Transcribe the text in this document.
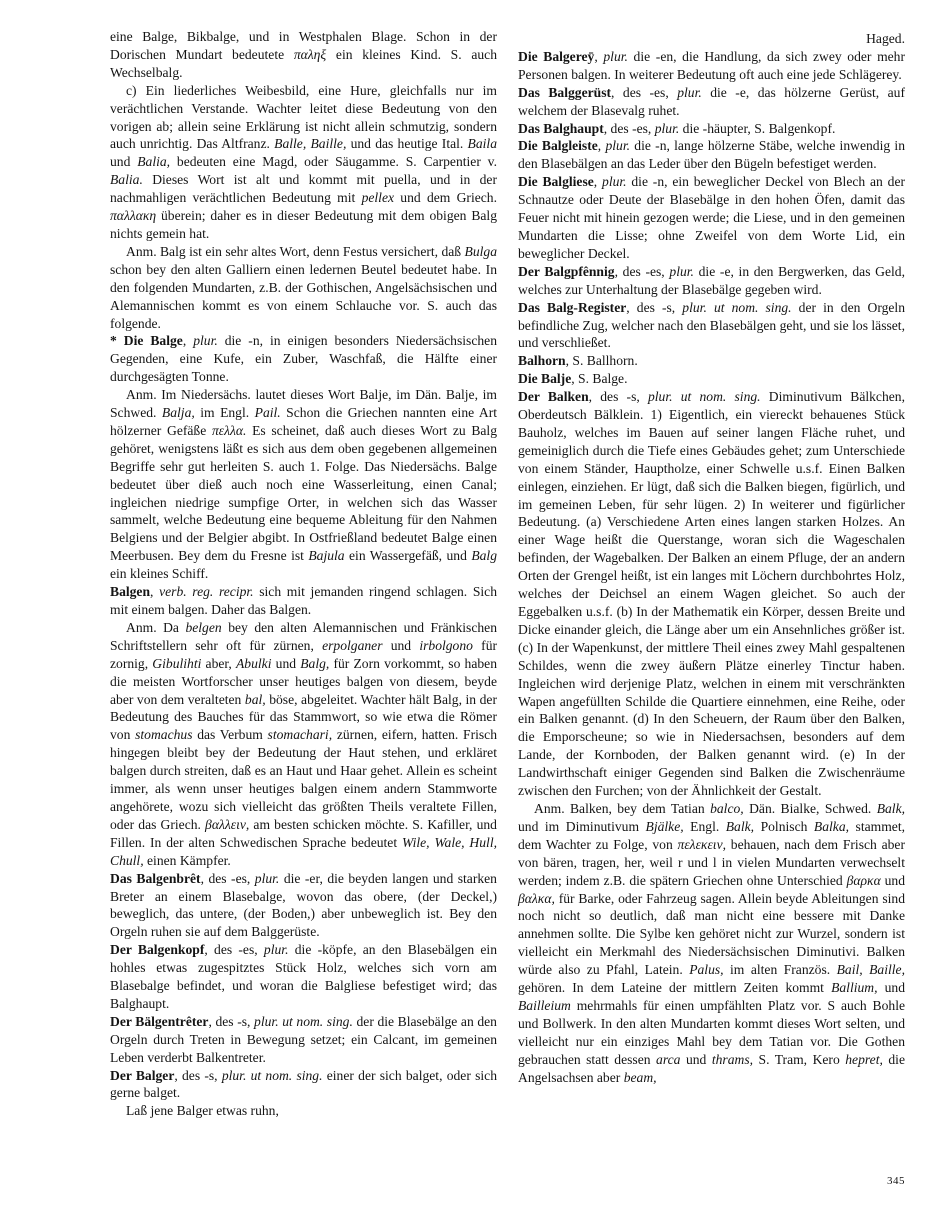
eine Balge, Bikbalge, und in Westphalen Blage. Schon in der Dorischen Mundart bedeutete παληξ ein kleines Kind. S. auch Wechselbalg.

c) Ein liederliches Weibesbild, eine Hure, gleichfalls nur im verächtlichen Verstande. Wachter leitet diese Bedeutung von den vorigen ab; allein seine Erklärung ist nicht allein schmutzig, sondern auch unrichtig. Das Altfranz. Balle, Baille, und das heutige Ital. Baila und Balia, bedeuten eine Magd, oder Säugamme. S. Carpentier v. Balia. Dieses Wort ist alt und kommt mit puella, und in der nachmahligen verächtlichen Bedeutung mit pellex und dem Griech. παλλακη überein; daher es in dieser Bedeutung mit dem obigen Balg nichts gemein hat.

Anm. Balg ist ein sehr altes Wort, denn Festus versichert, daß Bulga schon bey den alten Galliern einen ledernen Beutel bedeutet habe. In den folgenden Mundarten, z.B. der Gothischen, Angelsächsischen und Alemannischen kommt es von einem Schlauche vor. S. auch das folgende.

* Die Balge, plur. die -n, in einigen besonders Niedersächsischen Gegenden, eine Kufe, ein Zuber, Waschfaß, die Hälfte einer durchgesägten Tonne.

Anm. Im Niedersächs. lautet dieses Wort Balje, im Dän. Balje, im Schwed. Balja, im Engl. Pail. Schon die Griechen nannten eine Art hölzerner Gefäße πελλα. Es scheinet, daß auch dieses Wort zu Balg gehöret, wenigstens läßt es sich aus dem oben gegebenen allgemeinen Begriffe sehr gut herleiten S. auch 1. Folge. Das Niedersächs. Balge bedeutet über dieß auch noch eine Wasserleitung, einen Canal; ingleichen niedrige sumpfige Orter, in welchen sich das Wasser sammelt, welche Bedeutung eine bequeme Ableitung für den Nahmen Belgiens und der Belgier abgibt. In Ostfrießland bedeutet Balge einen Meerbusen. Bey dem du Fresne ist Bajula ein Wassergefäß, und Balg ein kleines Schiff.

Balgen, verb. reg. recipr. sich mit jemanden ringend schlagen. Sich mit einem balgen. Daher das Balgen.

Anm. Da belgen bey den alten Alemannischen und Fränkischen Schriftstellern sehr oft für zürnen, erpolganer und irbolgono für zornig, Gibulihti aber, Abulki und Balg, für Zorn vorkommt, so haben die meisten Wortforscher unser heutiges balgen von diesem, beyde aber von dem veralteten bal, böse, abgeleitet. Wachter hält Balg, in der Bedeutung des Bauches für das Stammwort, so wie etwa die Römer von stomachus das Verbum stomachari, zürnen, eifern, hatten. Frisch hingegen bleibt bey der Bedeutung der Haut stehen, und erkläret balgen durch streiten, daß es an Haut und Haar gehet. Allein es scheint immer, als wenn unser heutiges balgen einem andern Stammworte angehörete, wozu sich vielleicht das größten Theils veraltete Fillen, oder das Griech. βαλλειν, am besten schicken möchte. S. Kafiller, und Fillen. In der alten Schwedischen Sprache bedeutet Wile, Wale, Hull, Chull, einen Kämpfer.

Das Balgenbrêt, des -es, plur. die -er, die beyden langen und starken Breter an einem Blasebalge, wovon das obere, (der Deckel,) beweglich, das untere, (der Boden,) aber unbeweglich ist. Bey den Orgeln ruhen sie auf dem Balggerüste.

Der Balgenkopf, des -es, plur. die -köpfe, an den Blasebälgen ein hohles etwas zugespitztes Stück Holz, welches sich vorn am Blasebalge befindet, und woran die Balgliese befestiget wird; das Balghaupt.

Der Bälgentrêter, des -s, plur. ut nom. sing. der die Blasebälge an den Orgeln durch Treten in Bewegung setzet; ein Calcant, im gemeinen Leben verderbt Balkentreter.

Der Balger, des -s, plur. ut nom. sing. einer der sich balget, oder sich gerne balget.

Laß jene Balger etwas ruhn,

Haged.

Die Balgereȳ, plur. die -en, die Handlung, da sich zwey oder mehr Personen balgen. In weiterer Bedeutung oft auch eine jede Schlägerey.

Das Balggerüst, des -es, plur. die -e, das hölzerne Gerüst, auf welchem der Blasevalg ruhet.

Das Balghaupt, des -es, plur. die -häupter, S. Balgenkopf.

Die Balgleiste, plur. die -n, lange hölzerne Stäbe, welche inwendig in den Blasebälgen an das Leder über den Bügeln befestiget werden.

Die Balgliese, plur. die -n, ein beweglicher Deckel von Blech an der Schnautze oder Deute der Blasebälge in den hohen Öfen, damit das Feuer nicht mit hinein gezogen werde; die Liese, und in den gemeinen Mundarten die Lisse; ohne Zweifel von dem Worte Lid, ein beweglicher Deckel.

Der Balgpfênnig, des -es, plur. die -e, in den Bergwerken, das Geld, welches zur Unterhaltung der Blasebälge gegeben wird.

Das Balg-Register, des -s, plur. ut nom. sing. der in den Orgeln befindliche Zug, welcher nach den Blasebälgen geht, und sie los lässet, und verschließet.

Balhorn, S. Ballhorn.

Die Balje, S. Balge.

Der Balken, des -s, plur. ut nom. sing. Diminutivum Bälkchen, Oberdeutsch Bälklein. 1) Eigentlich, ein viereckt behauenes Stück Bauholz, welches im Bauen auf seiner langen Fläche ruhet, und gemeiniglich durch die Tiefe eines Gebäudes gehet; zum Unterschiede von einem Ständer, Hauptholze, einer Schwelle u.s.f. Einen Balken einlegen, einziehen. Er lügt, daß sich die Balken biegen, figürlich, und im gemeinen Leben, für sehr lügen. 2) In weiterer und figürlicher Bedeutung. (a) Verschiedene Arten eines langen starken Holzes. An einer Wage heißt die Querstange, woran sich die Wageschalen befinden, der Wagebalken. Der Balken an einem Pfluge, der an andern Orten der Grengel heißt, ist ein langes mit Löchern durchbohrtes Holz, welches der Deichsel an einem Wagen gleichet. So auch der Eggebalken u.s.f. (b) In der Mathematik ein Körper, dessen Breite und Dicke einander gleich, die Länge aber um ein Ansehnliches größer ist. (c) In der Wapenkunst, der mittlere Theil eines zwey Mahl gespaltenen Schildes, wenn die zwey äußern Plätze einerley Tinctur haben. Ingleichen wird derjenige Platz, welchen in einem mit verschränkten Wapen angefüllten Schilde die Quartiere einnehmen, eine Reihe, oder ein Balken genannt. (d) In den Scheuern, der Raum über den Balken, die Emporscheune; so wie in Niedersachsen, besonders auf dem Lande, der Kornboden, der Balken genannt wird. (e) In der Landwirthschaft einiger Gegenden sind Balken die Zwischenräume zwischen den Furchen; von der Ähnlichkeit der Gestalt.

Anm. Balken, bey dem Tatian balco, Dän. Bialke, Schwed. Balk, und im Diminutivum Bjälke, Engl. Balk, Polnisch Balka, stammet, dem Wachter zu Folge, von πελεκειν, behauen, nach dem Frisch aber von bären, tragen, her, weil r und l in vielen Mundarten verwechselt werden; indem z.B. die spätern Griechen ohne Unterschied βαρκα und βαλκα, für Barke, oder Fahrzeug sagen. Allein beyde Ableitungen sind noch nicht so deutlich, daß man nicht eine bessere mit Danke annehmen sollte. Die Sylbe ken gehöret nicht zur Wurzel, sondern ist vielleicht ein Merkmahl des Niedersächsischen Diminutivi. Balken würde also zu Pfahl, Latein. Palus, im alten Französ. Bail, Baille, gehören. In dem Lateine der mittlern Zeiten kommt Ballium, und Bailleium mehrmahls für einen umpfählten Platz vor. S auch Bohle und Bollwerk. In den alten Mundarten kommt dieses Wort selten, und vielleicht nur ein einziges Mahl bey dem Tatian vor. Die Gothen gebrauchen statt dessen arca und thrams, S. Tram, Kero hepret, die Angelsachsen aber beam,

345
